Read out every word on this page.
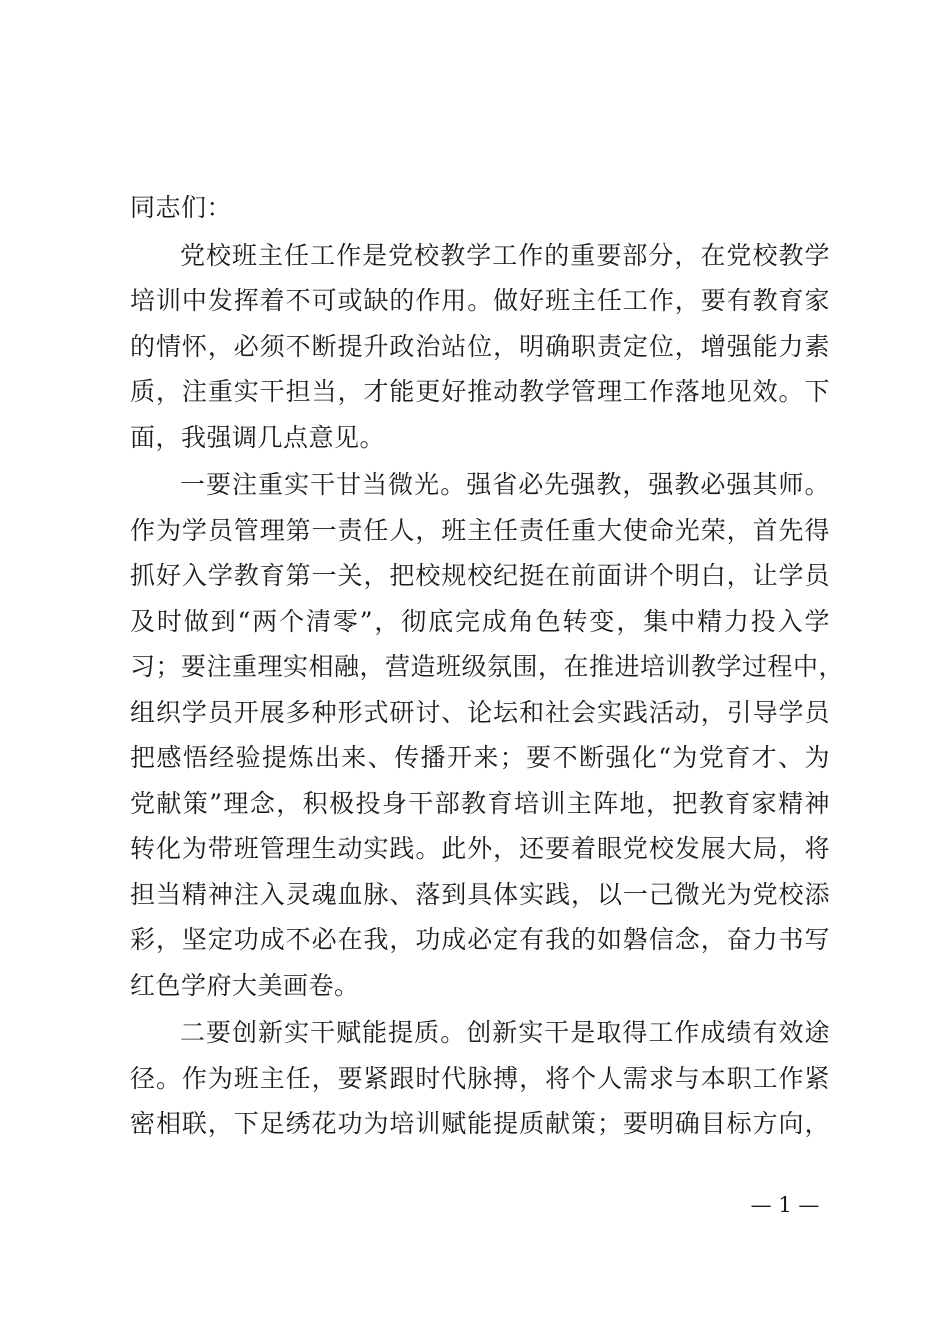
同志们：
党校班主任工作是党校教学工作的重要部分，在党校教学
培训中发挥着不可或缺的作用。做好班主任工作，要有教育家
的情怀，必须不断提升政治站位，明确职责定位，增强能力素
质，注重实干担当，才能更好推动教学管理工作落地见效。下
面，我强调几点意见。
一要注重实干甘当微光。强省必先强教，强教必强其师。
作为学员管理第一责任人，班主任责任重大使命光荣，首先得
抓好入学教育第一关，把校规校纪挺在前面讲个明白，让学员
及时做到“两个清零”，彻底完成角色转变，集中精力投入学
习；要注重理实相融，营造班级氛围，在推进培训教学过程中，
组织学员开展多种形式研讨、论坛和社会实践活动，引导学员
把感悟经验提炼出来、传播开来；要不断强化“为党育才、为
党献策”理念，积极投身干部教育培训主阵地，把教育家精神
转化为带班管理生动实践。此外，还要着眼党校发展大局，将
担当精神注入灵魂血脉、落到具体实践，以一己微光为党校添
彩，坚定功成不必在我，功成必定有我的如磐信念，奋力书写
红色学府大美画卷。
二要创新实干赋能提质。创新实干是取得工作成绩有效途
径。作为班主任，要紧跟时代脉搏，将个人需求与本职工作紧
密相联，下足绣花功为培训赋能提质献策；要明确目标方向，
— 1 —
